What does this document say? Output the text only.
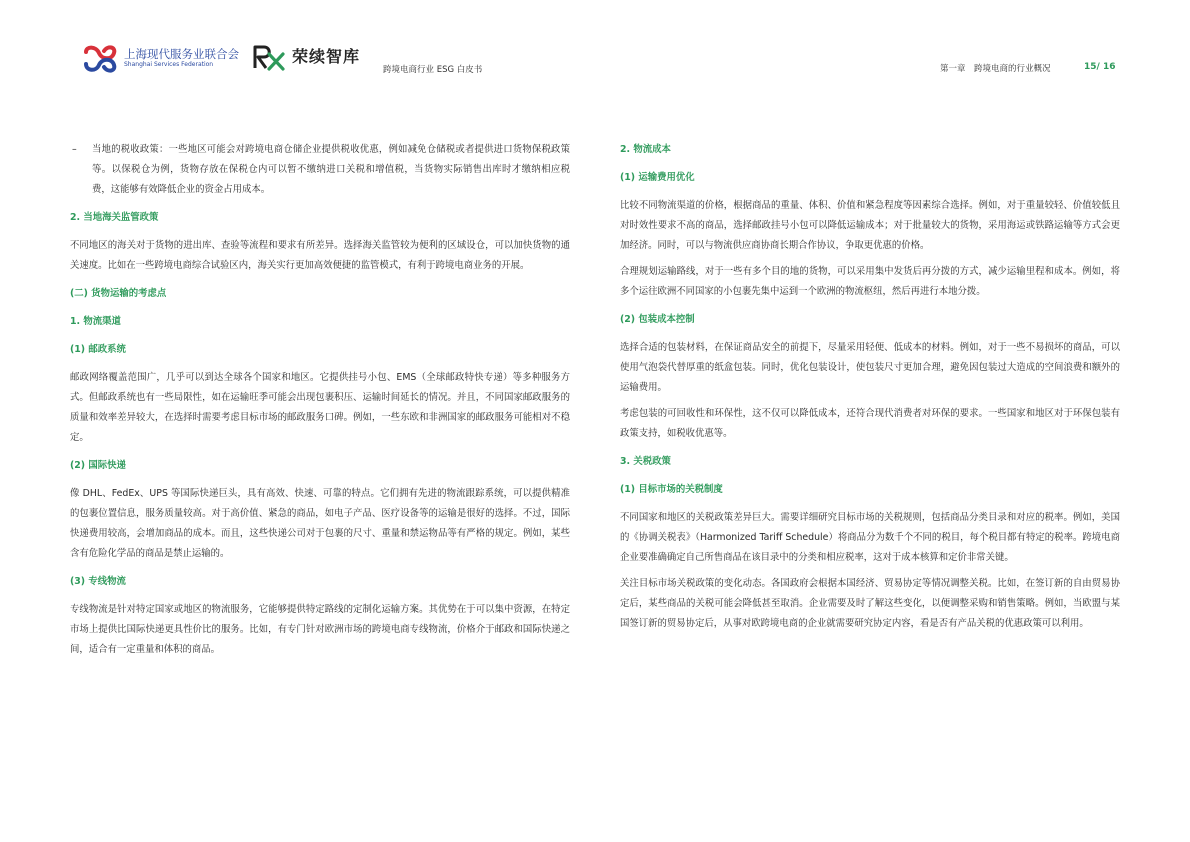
上海现代服务业联合会
Shanghai Services Federation	荣续智库
跨境电商行业 ESG 白皮书	第一章　跨境电商的行业概况	15/ 16
– 当地的税收政策：一些地区可能会对跨境电商仓储企业提供税收优惠，例如减免仓储税或者提供进口货物保税政策等。以保税仓为例，货物存放在保税仓内可以暂不缴纳进口关税和增值税，当货物实际销售出库时才缴纳相应税费，这能够有效降低企业的资金占用成本。

2. 当地海关监管政策

不同地区的海关对于货物的进出库、查验等流程和要求有所差异。选择海关监管较为便利的区域设仓，可以加快货物的通关速度。比如在一些跨境电商综合试验区内，海关实行更加高效便捷的监管模式，有利于跨境电商业务的开展。

(二) 货物运输的考虑点
1. 物流渠道
(1) 邮政系统

邮政网络覆盖范围广，几乎可以到达全球各个国家和地区。它提供挂号小包、EMS（全球邮政特快专递）等多种服务方式。但邮政系统也有一些局限性，如在运输旺季可能会出现包裹积压、运输时间延长的情况。并且，不同国家邮政服务的质量和效率差异较大，在选择时需要考虑目标市场的邮政服务口碑。例如，一些东欧和非洲国家的邮政服务可能相对不稳定。

(2) 国际快递

像 DHL、FedEx、UPS 等国际快递巨头，具有高效、快速、可靠的特点。它们拥有先进的物流跟踪系统，可以提供精准的包裹位置信息，服务质量较高。对于高价值、紧急的商品，如电子产品、医疗设备等的运输是很好的选择。不过，国际快递费用较高，会增加商品的成本。而且，这些快递公司对于包裹的尺寸、重量和禁运物品等有严格的规定。例如，某些含有危险化学品的商品是禁止运输的。

(3) 专线物流

专线物流是针对特定国家或地区的物流服务，它能够提供特定路线的定制化运输方案。其优势在于可以集中资源，在特定市场上提供比国际快递更具性价比的服务。比如，有专门针对欧洲市场的跨境电商专线物流，价格介于邮政和国际快递之间，适合有一定重量和体积的商品。

2. 物流成本
(1) 运输费用优化

比较不同物流渠道的价格，根据商品的重量、体积、价值和紧急程度等因素综合选择。例如，对于重量较轻、价值较低且对时效性要求不高的商品，选择邮政挂号小包可以降低运输成本；对于批量较大的货物，采用海运或铁路运输等方式会更加经济。同时，可以与物流供应商协商长期合作协议，争取更优惠的价格。

合理规划运输路线，对于一些有多个目的地的货物，可以采用集中发货后再分拨的方式，减少运输里程和成本。例如，将多个运往欧洲不同国家的小包裹先集中运到一个欧洲的物流枢纽，然后再进行本地分拨。

(2) 包装成本控制

选择合适的包装材料，在保证商品安全的前提下，尽量采用轻便、低成本的材料。例如，对于一些不易损坏的商品，可以使用气泡袋代替厚重的纸盒包装。同时，优化包装设计，使包装尺寸更加合理，避免因包装过大造成的空间浪费和额外的运输费用。

考虑包装的可回收性和环保性，这不仅可以降低成本，还符合现代消费者对环保的要求。一些国家和地区对于环保包装有政策支持，如税收优惠等。

3. 关税政策
(1) 目标市场的关税制度

不同国家和地区的关税政策差异巨大。需要详细研究目标市场的关税规则，包括商品分类目录和对应的税率。例如，美国的《协调关税表》（Harmonized Tariff Schedule）将商品分为数千个不同的税目，每个税目都有特定的税率。跨境电商企业要准确确定自己所售商品在该目录中的分类和相应税率，这对于成本核算和定价非常关键。

关注目标市场关税政策的变化动态。各国政府会根据本国经济、贸易协定等情况调整关税。比如，在签订新的自由贸易协定后，某些商品的关税可能会降低甚至取消。企业需要及时了解这些变化，以便调整采购和销售策略。例如，当欧盟与某国签订新的贸易协定后，从事对欧跨境电商的企业就需要研究协定内容，看是否有产品关税的优惠政策可以利用。
